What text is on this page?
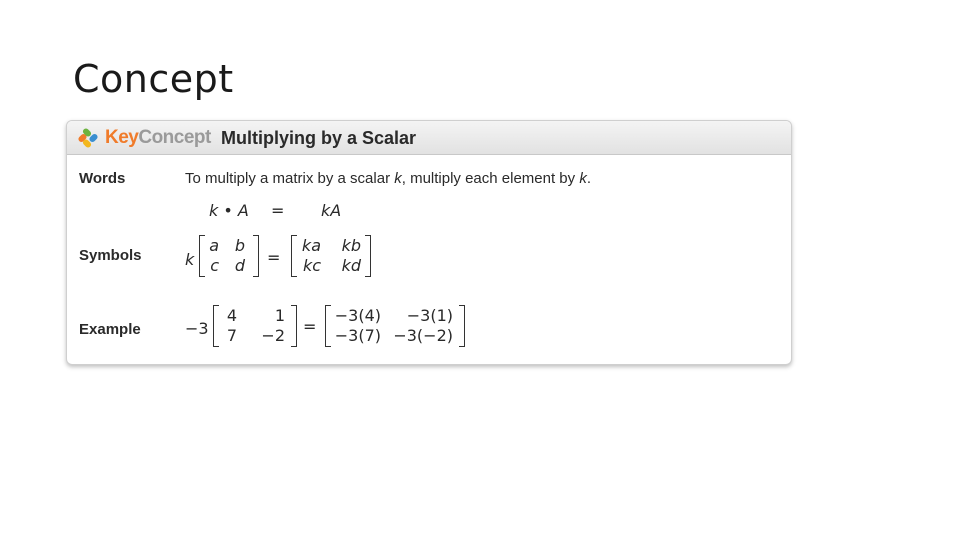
Concept
KeyConcept Multiplying by a Scalar
Words	To multiply a matrix by a scalar k, multiply each element by k.
k • A = kA
Symbols	k
a b
c d =
ka kb
kc kd
Example	−3
4	1
7 −2 =
−3(4)	−3(1)
−3(7) −3(−2)
